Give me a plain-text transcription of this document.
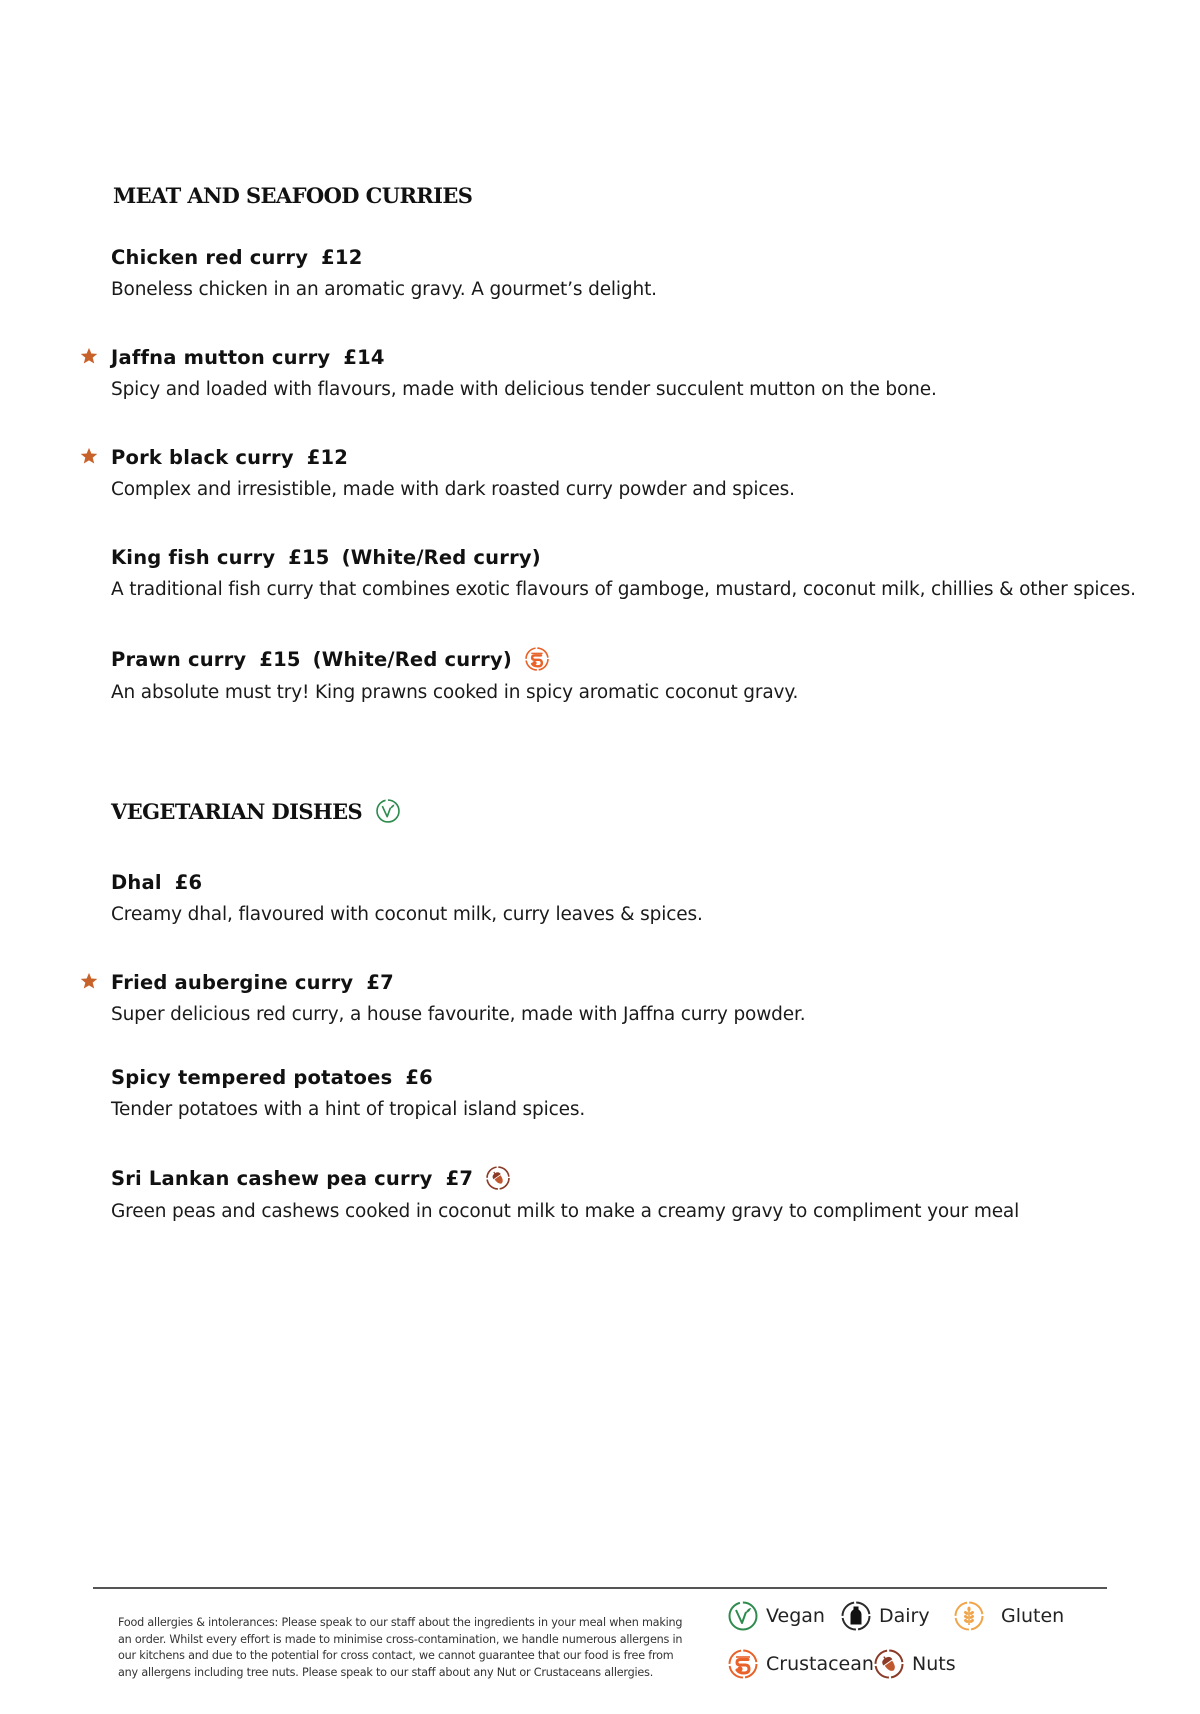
MEAT AND SEAFOOD CURRIES
Chicken red curry £12
Boneless chicken in an aromatic gravy. A gourmet’s delight.
Jaffna mutton curry £14
Spicy and loaded with flavours, made with delicious tender succulent mutton on the bone.
Pork black curry £12
Complex and irresistible, made with dark roasted curry powder and spices.
King fish curry £15 (White/Red curry)
A traditional fish curry that combines exotic flavours of gamboge, mustard, coconut milk, chillies & other spices.
Prawn curry £15 (White/Red curry)
An absolute must try! King prawns cooked in spicy aromatic coconut gravy.
VEGETARIAN DISHES
Dhal £6
Creamy dhal, flavoured with coconut milk, curry leaves & spices.
Fried aubergine curry £7
Super delicious red curry, a house favourite, made with Jaffna curry powder.
Spicy tempered potatoes £6
Tender potatoes with a hint of tropical island spices.
Sri Lankan cashew pea curry £7
Green peas and cashews cooked in coconut milk to make a creamy gravy to compliment your meal
Food allergies & intolerances: Please speak to our staff about the ingredients in your meal when making an order. Whilst every effort is made to minimise cross-contamination, we handle numerous allergens in our kitchens and due to the potential for cross contact, we cannot guarantee that our food is free from any allergens including tree nuts. Please speak to our staff about any Nut or Crustaceans allergies.
Vegan	Dairy	Gluten
Crustacean Nuts
